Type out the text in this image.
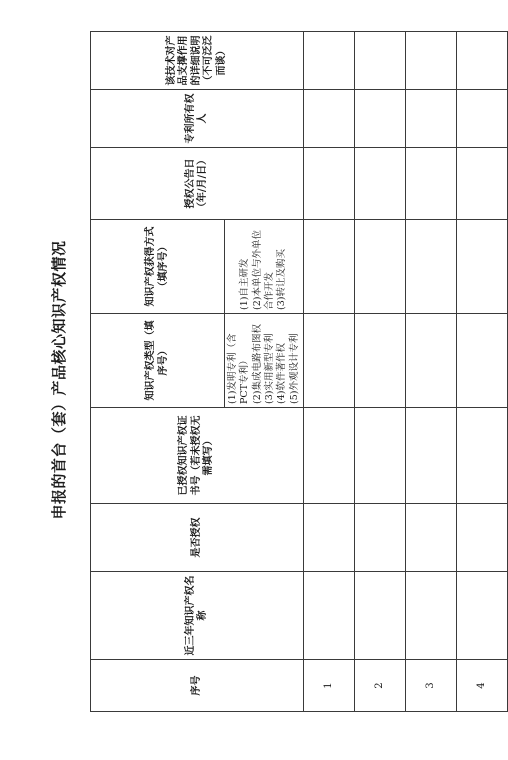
申报的首台（套）产品核心知识产权情况
序号	近三年知识产权名称	是否授权	已授权知识产权证书号（若未授权无需填写）	知识产权类型（填序号）	知识产权获得方式（填序号）	授权公告日（年/月/日）	专利所有权人	该技术对产品支撑作用的详细说明（不可泛泛而谈）

				(1)发明专利（含PCT专利） (2)集成电路布图权 (3)实用新型专利 (4)软件著作权 (5)外观设计专利	(1)自主研发 (2)本单位与外单位合作开发 (3)转让及购买			

1								
2								
3								
4								
